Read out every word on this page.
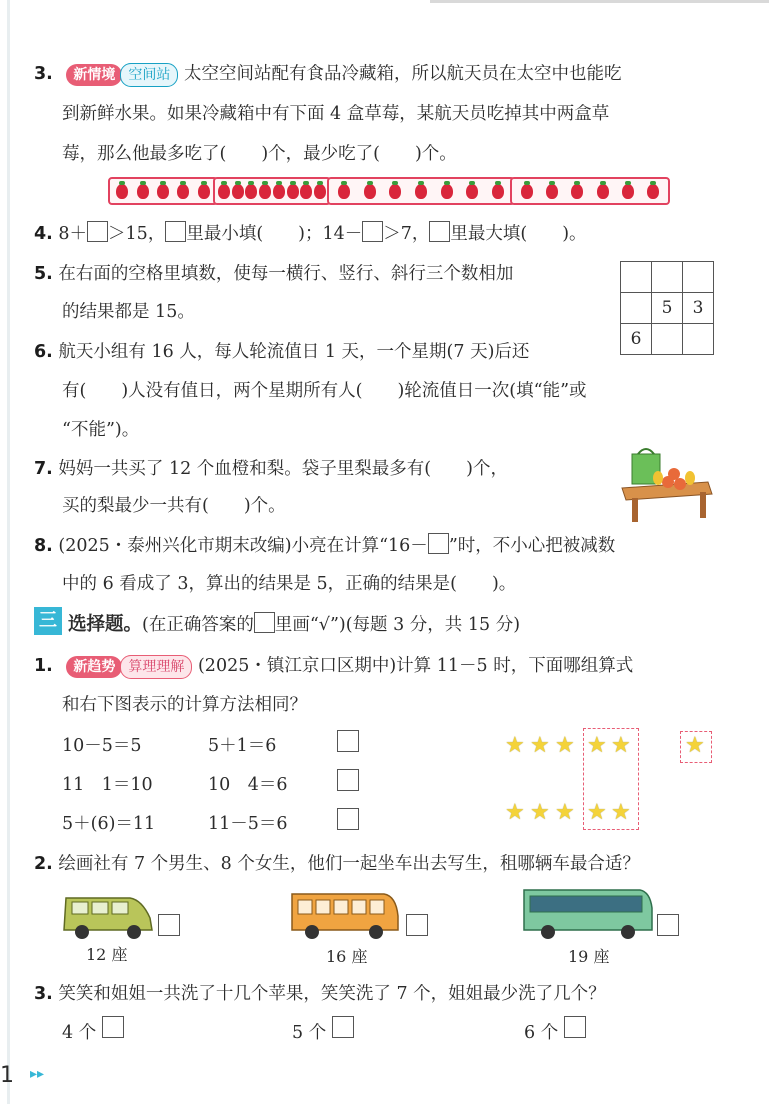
3. 新情境 空间站 太空空间站配有食品冷藏箱，所以航天员在太空中也能吃
到新鲜水果。如果冷藏箱中有下面 4 盒草莓，某航天员吃掉其中两盒草
莓，那么他最多吃了(　　)个，最少吃了(　　)个。
4. 8＋ ＞15， 里最小填(　　)；14－ ＞7， 里最大填(　　)。
5. 在右面的空格里填数，使每一横行、竖行、斜行三个数相加
的结果都是 15。

		5	3
6		
6. 航天小组有 16 人，每人轮流值日 1 天，一个星期(7 天)后还
有(　　)人没有值日，两个星期所有人(　　)轮流值日一次(填“能”或
“不能”)。
7. 妈妈一共买了 12 个血橙和梨。袋子里梨最多有(　　)个，
买的梨最少一共有(　　)个。
8. (2025・泰州兴化市期末改编)小亮在计算“16－ ”时，不小心把被减数
中的 6 看成了 3，算出的结果是 5，正确的结果是(　　)。
三 选择题。(在正确答案的 里画“√”)(每题 3 分，共 15 分)
1. 新趋势 算理理解 (2025・镇江京口区期中)计算 11－5 时，下面哪组算式
和右下图表示的计算方法相同？
10－5＝5	5＋1＝6
11　1＝10	10　4＝6
5＋(6)＝11	11－5＝6
★ ★ ★ ★ ★ ★
★ ★ ★ ★ ★
2. 绘画社有 7 个男生、8 个女生，他们一起坐车出去写生，租哪辆车最合适？
12 座	16 座	19 座
3. 笑笑和姐姐一共洗了十几个苹果，笑笑洗了 7 个，姐姐最少洗了几个？
4 个	5 个	6 个
1 ▸▸
